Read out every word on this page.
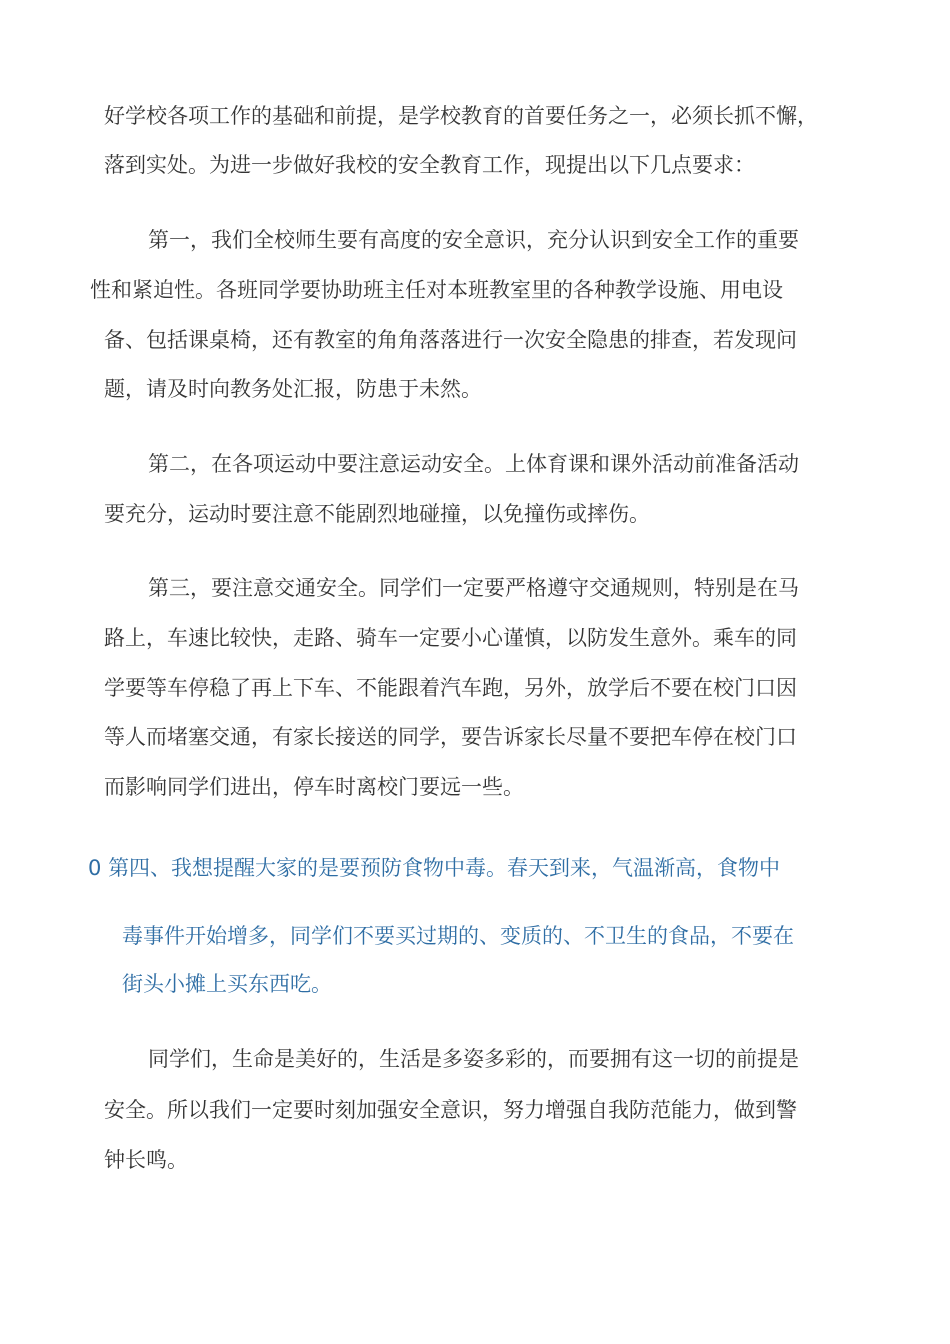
好学校各项工作的基础和前提，是学校教育的首要任务之一，必须长抓不懈，
落到实处。为进一步做好我校的安全教育工作，现提出以下几点要求：
第一，我们全校师生要有高度的安全意识，充分认识到安全工作的重要
性和紧迫性。各班同学要协助班主任对本班教室里的各种教学设施、用电设
备、包括课桌椅，还有教室的角角落落进行一次安全隐患的排查，若发现问
题，请及时向教务处汇报，防患于未然。
第二，在各项运动中要注意运动安全。上体育课和课外活动前准备活动
要充分，运动时要注意不能剧烈地碰撞，以免撞伤或摔伤。
第三，要注意交通安全。同学们一定要严格遵守交通规则，特别是在马
路上，车速比较快，走路、骑车一定要小心谨慎，以防发生意外。乘车的同
学要等车停稳了再上下车、不能跟着汽车跑，另外，放学后不要在校门口因
等人而堵塞交通，有家长接送的同学，要告诉家长尽量不要把车停在校门口
而影响同学们进出，停车时离校门要远一些。
0 第四、我想提醒大家的是要预防食物中毒。春天到来，气温渐高，食物中
毒事件开始增多，同学们不要买过期的、变质的、不卫生的食品，不要在
街头小摊上买东西吃。
同学们，生命是美好的，生活是多姿多彩的，而要拥有这一切的前提是
安全。所以我们一定要时刻加强安全意识，努力增强自我防范能力，做到警
钟长鸣。
